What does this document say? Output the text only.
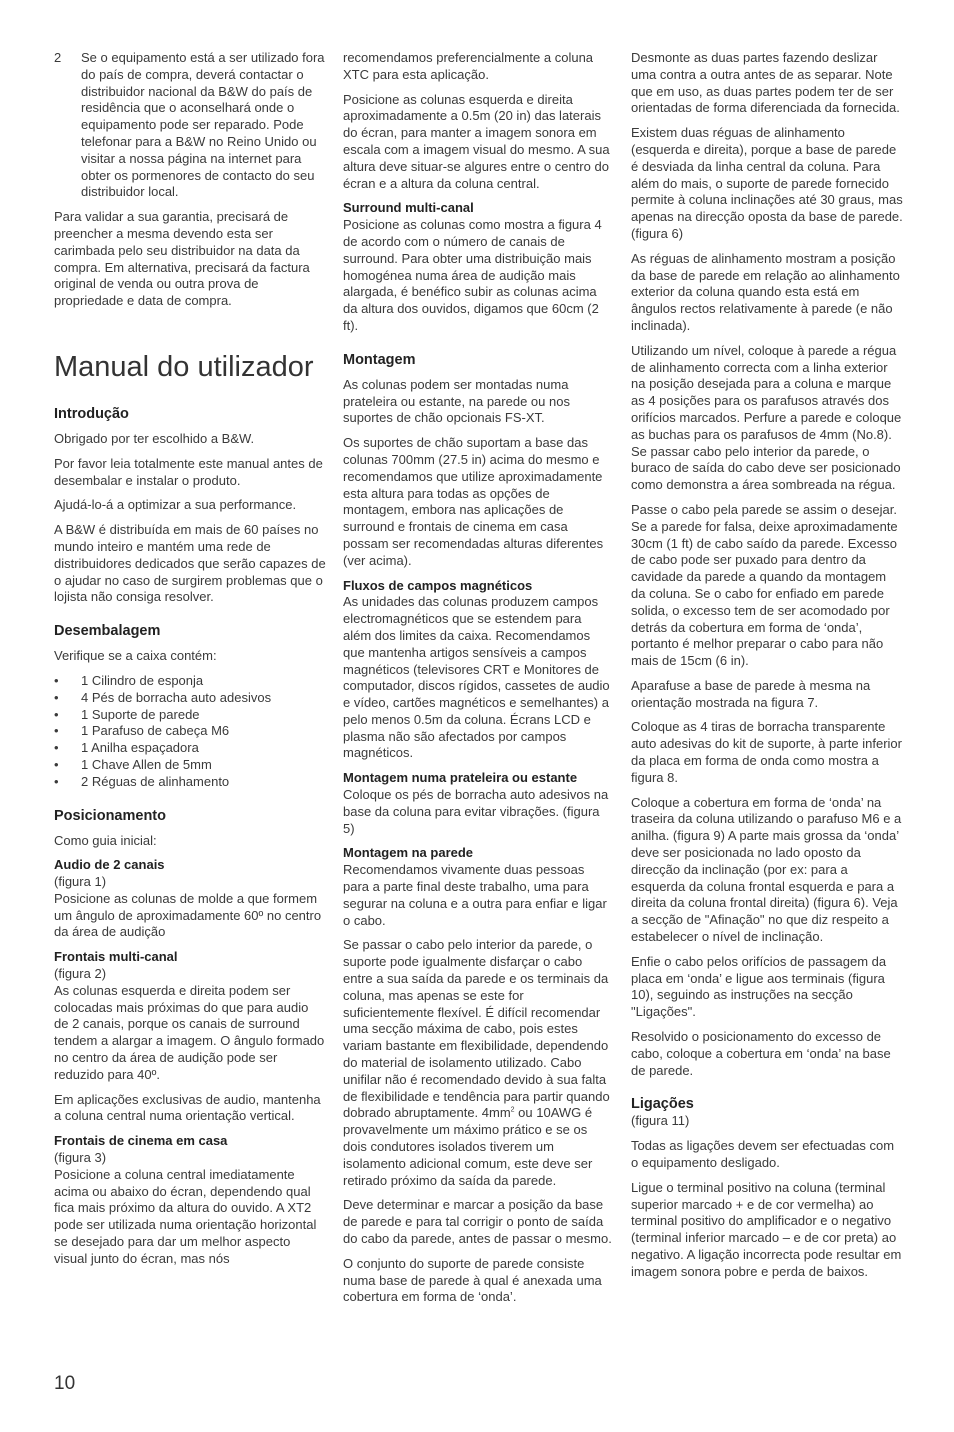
2	Se o equipamento está a ser utilizado fora do país de compra, deverá contactar o distribuidor nacional da B&W do país de residência que o aconselhará onde o equipamento pode ser reparado. Pode telefonar para a B&W no Reino Unido ou visitar a nossa página na internet para obter os pormenores de contacto do seu distribuidor local.

Para validar a sua garantia, precisará de preencher a mesma devendo esta ser carimbada pelo seu distribuidor na data da compra. Em alternativa, precisará da factura original de venda ou outra prova de propriedade e data de compra.

Manual do utilizador
Introdução

Obrigado por ter escolhido a B&W.

Por favor leia totalmente este manual antes de desembalar e instalar o produto.

Ajudá-lo-á a optimizar a sua performance.

A B&W é distribuída em mais de 60 países no mundo inteiro e mantém uma rede de distribuidores dedicados que serão capazes de o ajudar no caso de surgirem problemas que o lojista não consiga resolver.

Desembalagem

Verifique se a caixa contém:

•	1 Cilindro de esponja
•	4 Pés de borracha auto adesivos
•	1 Suporte de parede
•	1 Parafuso de cabeça M6
•	1 Anilha espaçadora
•	1 Chave Allen de 5mm
•	2 Réguas de alinhamento
Posicionamento

Como guia inicial:

Audio de 2 canais
(figura 1)

Posicione as colunas de molde a que formem um ângulo de aproximadamente 60º no centro da área de audição

Frontais multi-canal
(figura 2)

As colunas esquerda e direita podem ser colocadas mais próximas do que para audio de 2 canais, porque os canais de surround tendem a alargar a imagem. O ângulo formado no centro da área de audição pode ser reduzido para 40º.

Em aplicações exclusivas de audio, mantenha a coluna central numa orientação vertical.

Frontais de cinema em casa
(figura 3)

Posicione a coluna central imediatamente acima ou abaixo do écran, dependendo qual fica mais próximo da altura do ouvido. A XT2 pode ser utilizada numa orientação horizontal se desejado para dar um melhor aspecto visual junto do écran, mas nós

recomendamos preferencialmente a coluna XTC para esta aplicação.

Posicione as colunas esquerda e direita aproximadamente a 0.5m (20 in) das laterais do écran, para manter a imagem sonora em escala com a imagem visual do mesmo. A sua altura deve situar-se algures entre o centro do écran e a altura da coluna central.

Surround multi-canal

Posicione as colunas como mostra a figura 4 de acordo com o número de canais de surround. Para obter uma distribuição mais homogénea numa área de audição mais alargada, é benéfico subir as colunas acima da altura dos ouvidos, digamos que 60cm (2 ft).

Montagem

As colunas podem ser montadas numa prateleira ou estante, na parede ou nos suportes de chão opcionais FS-XT.

Os suportes de chão suportam a base das colunas 700mm (27.5 in) acima do mesmo e recomendamos que utilize aproximadamente esta altura para todas as opções de montagem, embora nas aplicações de surround e frontais de cinema em casa possam ser recomendadas alturas diferentes (ver acima).

Fluxos de campos magnéticos

As unidades das colunas produzem campos electromagnéticos que se estendem para além dos limites da caixa. Recomendamos que mantenha artigos sensíveis a campos magnéticos (televisores CRT e Monitores de computador, discos rígidos, cassetes de audio e vídeo, cartões magnéticos e semelhantes) a pelo menos 0.5m da coluna. Écrans LCD e plasma não são afectados por campos magnéticos.

Montagem numa prateleira ou estante

Coloque os pés de borracha auto adesivos na base da coluna para evitar vibrações. (figura 5)

Montagem na parede

Recomendamos vivamente duas pessoas para a parte final deste trabalho, uma para segurar na coluna e a outra para enfiar e ligar o cabo.

Se passar o cabo pelo interior da parede, o suporte pode igualmente disfarçar o cabo entre a sua saída da parede e os terminais da coluna, mas apenas se este for suficientemente flexível. É difícil recomendar uma secção máxima de cabo, pois estes variam bastante em flexibilidade, dependendo do material de isolamento utilizado. Cabo unifilar não é recomendado devido à sua falta de flexibilidade e tendência para partir quando dobrado abruptamente. $4mm^2$ ou 10AWG é provavelmente um máximo prático e se os dois condutores isolados tiverem um isolamento adicional comum, este deve ser retirado próximo da saída da parede.

Deve determinar e marcar a posição da base de parede e para tal corrigir o ponto de saída do cabo da parede, antes de passar o mesmo.

O conjunto do suporte de parede consiste numa base de parede à qual é anexada uma cobertura em forma de ‘onda’.

Desmonte as duas partes fazendo deslizar uma contra a outra antes de as separar. Note que em uso, as duas partes podem ter de ser orientadas de forma diferenciada da fornecida.

Existem duas réguas de alinhamento (esquerda e direita), porque a base de parede é desviada da linha central da coluna. Para além do mais, o suporte de parede fornecido permite à coluna inclinações até 30 graus, mas apenas na direcção oposta da base de parede. (figura 6)

As réguas de alinhamento mostram a posição da base de parede em relação ao alinhamento exterior da coluna quando esta está em ângulos rectos relativamente à parede (e não inclinada).

Utilizando um nível, coloque à parede a régua de alinhamento correcta com a linha exterior na posição desejada para a coluna e marque as 4 posições para os parafusos através dos orifícios marcados. Perfure a parede e coloque as buchas para os parafusos de 4mm (No.8). Se passar cabo pelo interior da parede, o buraco de saída do cabo deve ser posicionado como demonstra a área sombreada na régua.

Passe o cabo pela parede se assim o desejar. Se a parede for falsa, deixe aproximadamente 30cm (1 ft) de cabo saído da parede. Excesso de cabo pode ser puxado para dentro da cavidade da parede a quando da montagem da coluna. Se o cabo for enfiado em parede solida, o excesso tem de ser acomodado por detrás da cobertura em forma de ‘onda’, portanto é melhor preparar o cabo para não mais de 15cm (6 in).

Aparafuse a base de parede à mesma na orientação mostrada na figura 7.

Coloque as 4 tiras de borracha transparente auto adesivas do kit de suporte, à parte inferior da placa em forma de onda como mostra a figura 8.

Coloque a cobertura em forma de ‘onda’ na traseira da coluna utilizando o parafuso M6 e a anilha. (figura 9) A parte mais grossa da ‘onda’ deve ser posicionada no lado oposto da direcção da inclinação (por ex: para a esquerda da coluna frontal esquerda e para a direita da coluna frontal direita) (figura 6). Veja a secção de "Afinação" no que diz respeito a estabelecer o nível de inclinação.

Enfie o cabo pelos orifícios de passagem da placa em ‘onda’ e ligue aos terminais (figura 10), seguindo as instruções na secção "Ligações".

Resolvido o posicionamento do excesso de cabo, coloque a cobertura em ‘onda’ na base de parede.

Ligações
(figura 11)

Todas as ligações devem ser efectuadas com o equipamento desligado.

Ligue o terminal positivo na coluna (terminal superior marcado + e de cor vermelha) ao terminal positivo do amplificador e o negativo (terminal inferior marcado – e de cor preta) ao negativo. A ligação incorrecta pode resultar em imagem sonora pobre e perda de baixos.

10
